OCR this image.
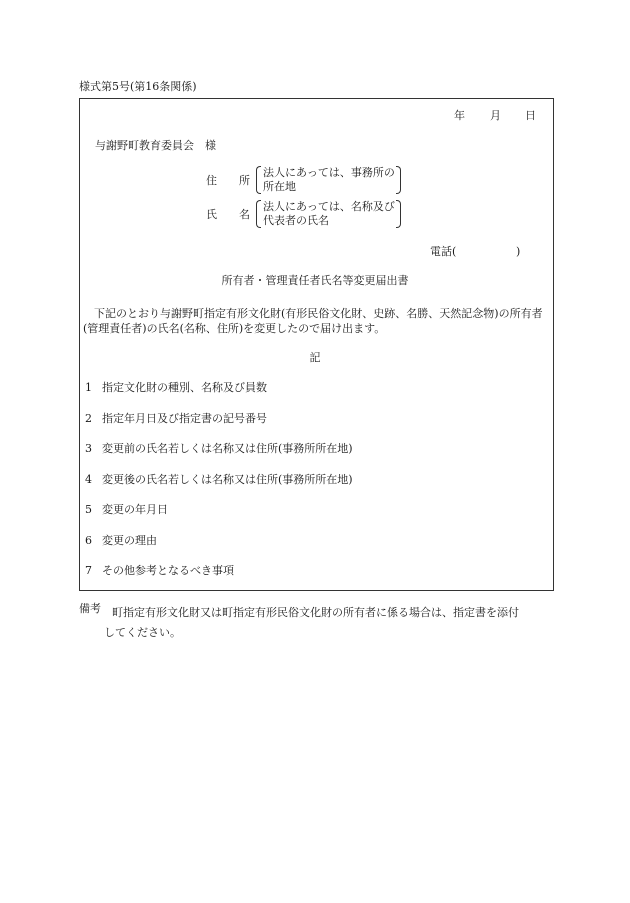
様式第5号(第16条関係)
年 月 日
与謝野町教育委員会　様
住　　所
法人にあっては、事務所の
所在地
氏　　名
法人にあっては、名称及び
代表者の氏名
電話(	)
所有者・管理責任者氏名等変更届出書
下記のとおり与謝野町指定有形文化財(有形民俗文化財、史跡、名勝、天然記念物)の所有者(管理責任者)の氏名(名称、住所)を変更したので届け出ます。
記
1 指定文化財の種別、名称及び員数
2 指定年月日及び指定書の記号番号
3 変更前の氏名若しくは名称又は住所(事務所所在地)
4 変更後の氏名若しくは名称又は住所(事務所所在地)
5 変更の年月日
6 変更の理由
7 その他参考となるべき事項
備考 町指定有形文化財又は町指定有形民俗文化財の所有者に係る場合は、指定書を添付
してください。
